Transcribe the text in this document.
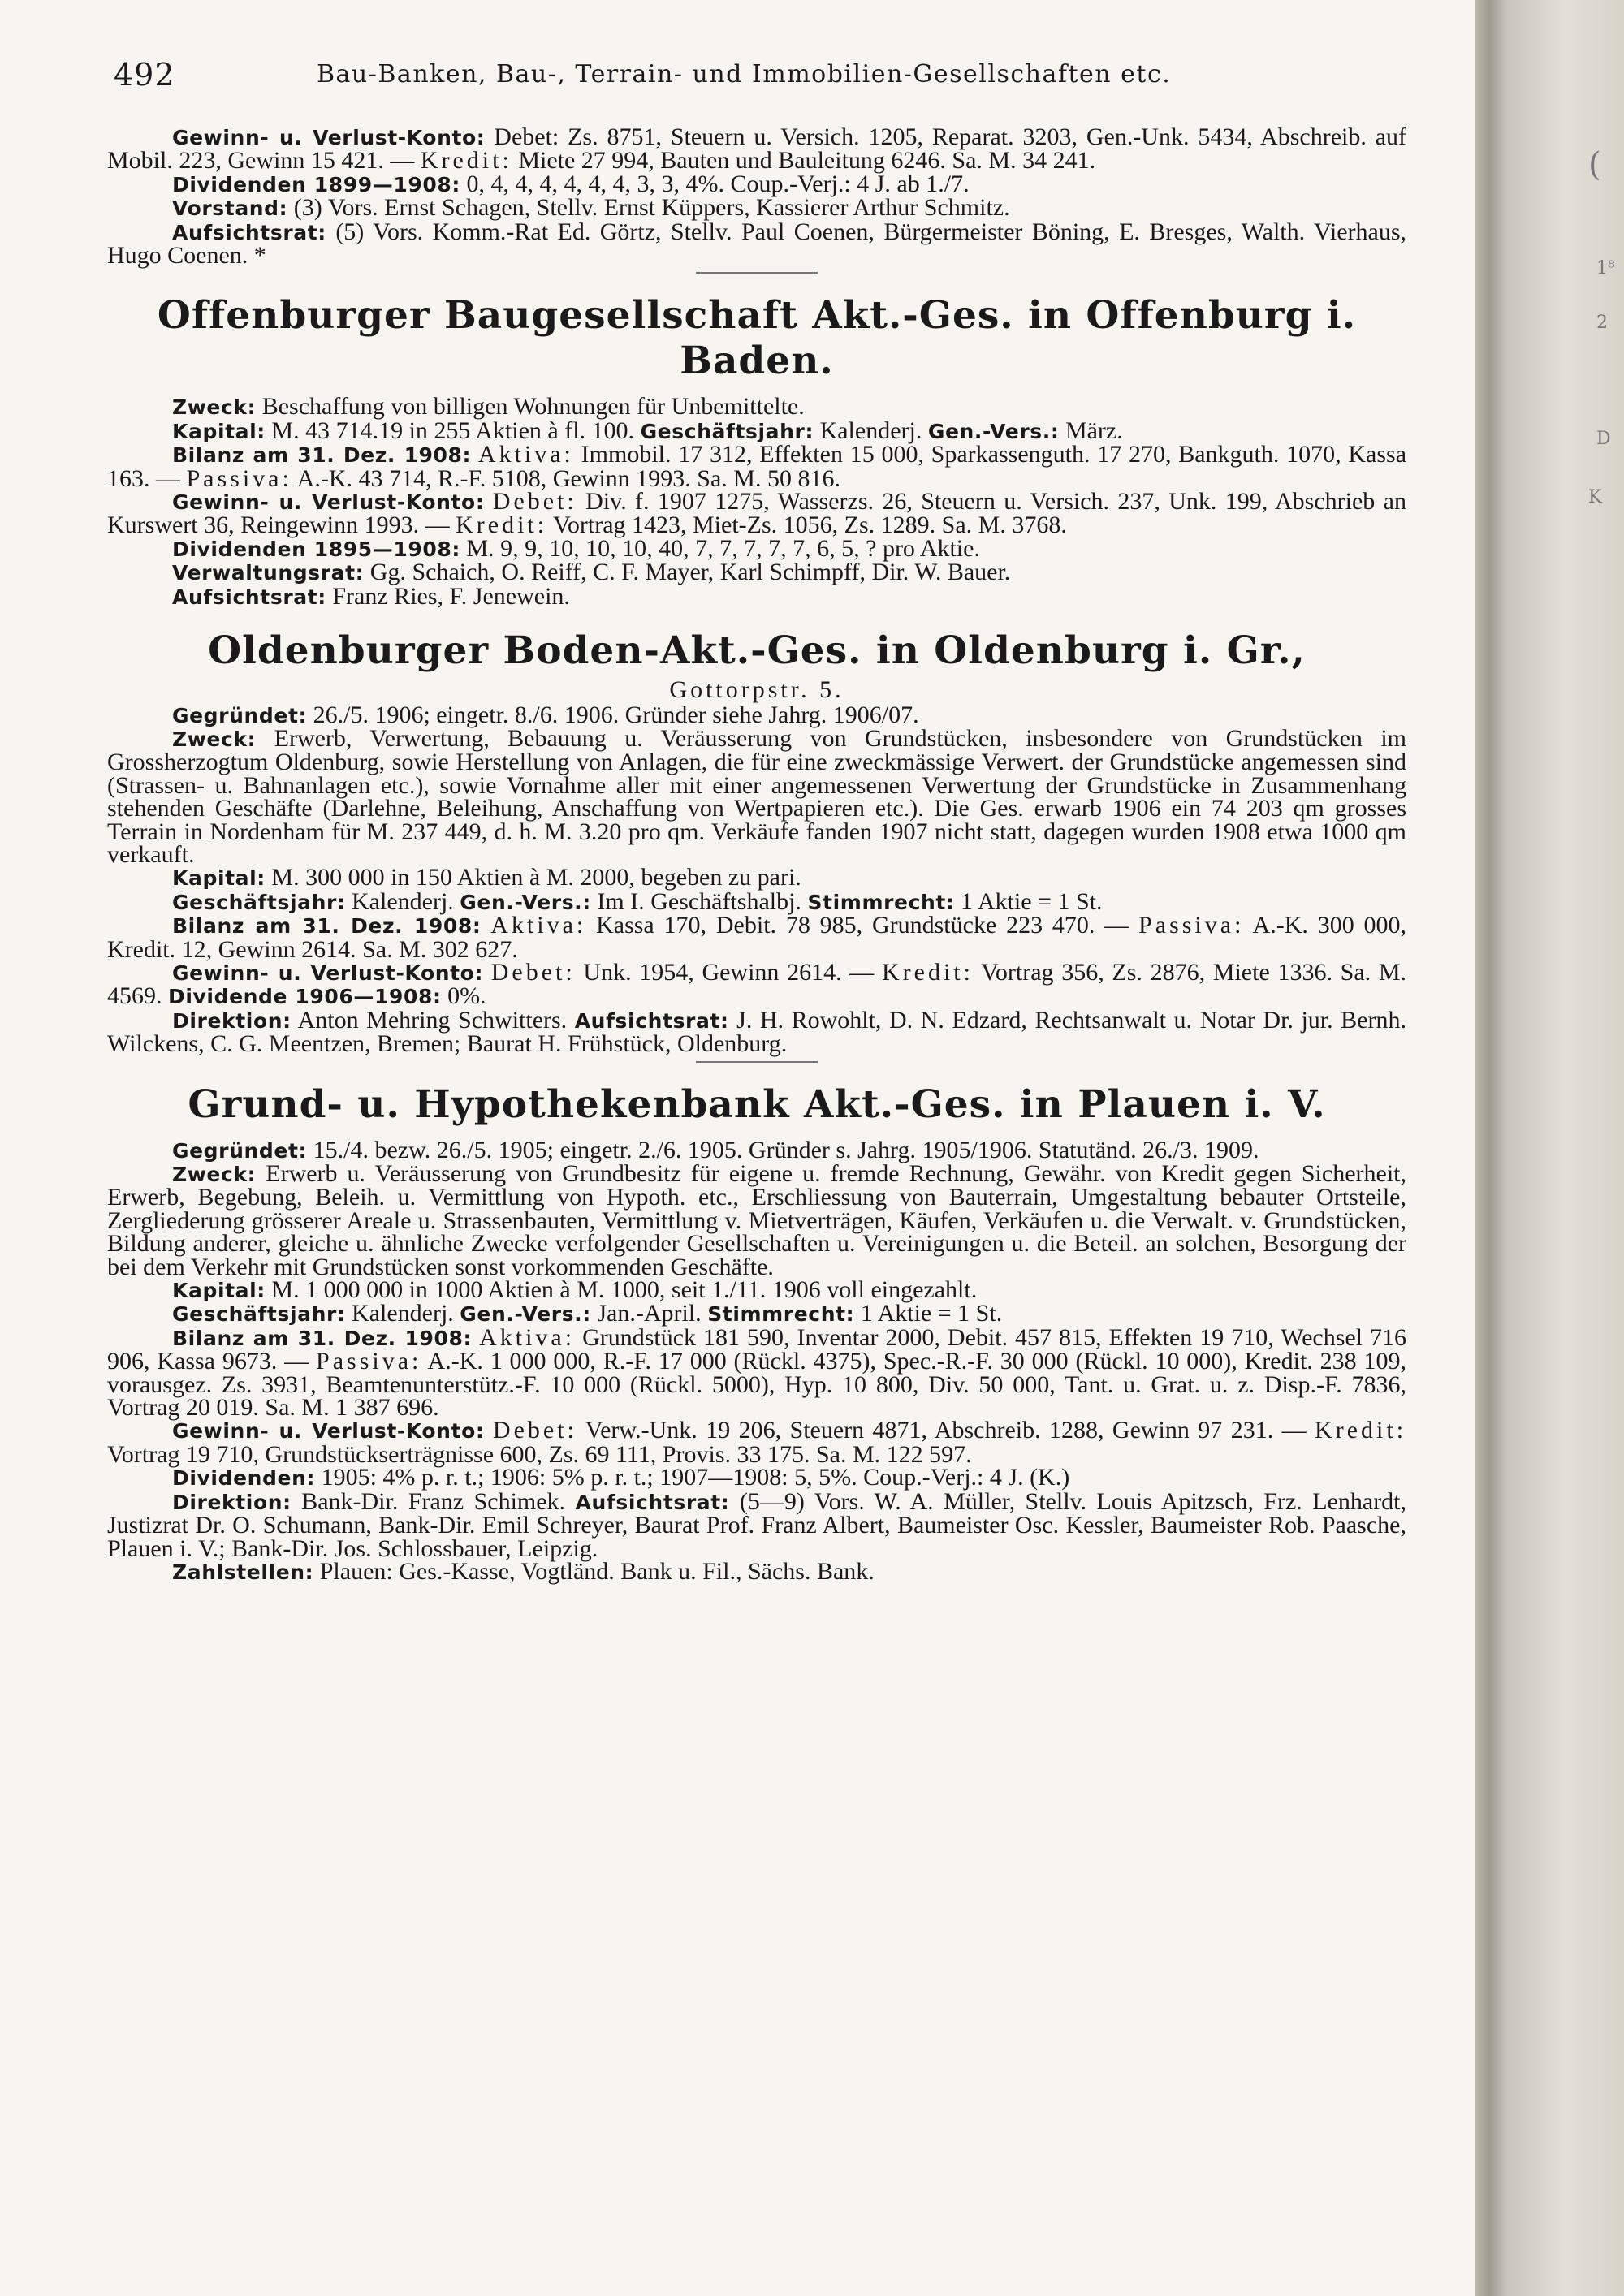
492	Bau-Banken, Bau-, Terrain- und Immobilien-Gesellschaften etc.

Gewinn- u. Verlust-Konto: Debet: Zs. 8751, Steuern u. Versich. 1205, Reparat. 3203, Gen.-Unk. 5434, Abschreib. auf Mobil. 223, Gewinn 15 421. — Kredit: Miete 27 994, Bauten und Bauleitung 6246. Sa. M. 34 241.

Dividenden 1899—1908: 0, 4, 4, 4, 4, 4, 4, 3, 3, 4%. Coup.-Verj.: 4 J. ab 1./7.

Vorstand: (3) Vors. Ernst Schagen, Stellv. Ernst Küppers, Kassierer Arthur Schmitz.

Aufsichtsrat: (5) Vors. Komm.-Rat Ed. Görtz, Stellv. Paul Coenen, Bürgermeister Böning, E. Bresges, Walth. Vierhaus, Hugo Coenen. *

Offenburger Baugesellschaft Akt.-Ges. in Offenburg i. Baden.

Zweck: Beschaffung von billigen Wohnungen für Unbemittelte.

Kapital: M. 43 714.19 in 255 Aktien à fl. 100. Geschäftsjahr: Kalenderj. Gen.-Vers.: März.

Bilanz am 31. Dez. 1908: Aktiva: Immobil. 17 312, Effekten 15 000, Sparkassenguth. 17 270, Bankguth. 1070, Kassa 163. — Passiva: A.-K. 43 714, R.-F. 5108, Gewinn 1993. Sa. M. 50 816.

Gewinn- u. Verlust-Konto: Debet: Div. f. 1907 1275, Wasserzs. 26, Steuern u. Versich. 237, Unk. 199, Abschrieb an Kurswert 36, Reingewinn 1993. — Kredit: Vortrag 1423, Miet-Zs. 1056, Zs. 1289. Sa. M. 3768.

Dividenden 1895—1908: M. 9, 9, 10, 10, 10, 40, 7, 7, 7, 7, 7, 6, 5, ? pro Aktie.

Verwaltungsrat: Gg. Schaich, O. Reiff, C. F. Mayer, Karl Schimpff, Dir. W. Bauer.

Aufsichtsrat: Franz Ries, F. Jenewein.

Oldenburger Boden-Akt.-Ges. in Oldenburg i. Gr.,

Gottorpstr. 5.

Gegründet: 26./5. 1906; eingetr. 8./6. 1906. Gründer siehe Jahrg. 1906/07.

Zweck: Erwerb, Verwertung, Bebauung u. Veräusserung von Grundstücken, insbesondere von Grundstücken im Grossherzogtum Oldenburg, sowie Herstellung von Anlagen, die für eine zweckmässige Verwert. der Grundstücke angemessen sind (Strassen- u. Bahnanlagen etc.), sowie Vornahme aller mit einer angemessenen Verwertung der Grundstücke in Zusammenhang stehenden Geschäfte (Darlehne, Beleihung, Anschaffung von Wertpapieren etc.). Die Ges. erwarb 1906 ein 74 203 qm grosses Terrain in Nordenham für M. 237 449, d. h. M. 3.20 pro qm. Verkäufe fanden 1907 nicht statt, dagegen wurden 1908 etwa 1000 qm verkauft.

Kapital: M. 300 000 in 150 Aktien à M. 2000, begeben zu pari.

Geschäftsjahr: Kalenderj. Gen.-Vers.: Im I. Geschäftshalbj. Stimmrecht: 1 Aktie = 1 St.

Bilanz am 31. Dez. 1908: Aktiva: Kassa 170, Debit. 78 985, Grundstücke 223 470. — Passiva: A.-K. 300 000, Kredit. 12, Gewinn 2614. Sa. M. 302 627.

Gewinn- u. Verlust-Konto: Debet: Unk. 1954, Gewinn 2614. — Kredit: Vortrag 356, Zs. 2876, Miete 1336. Sa. M. 4569. Dividende 1906—1908: 0%.

Direktion: Anton Mehring Schwitters. Aufsichtsrat: J. H. Rowohlt, D. N. Edzard, Rechtsanwalt u. Notar Dr. jur. Bernh. Wilckens, C. G. Meentzen, Bremen; Baurat H. Frühstück, Oldenburg.

Grund- u. Hypothekenbank Akt.-Ges. in Plauen i. V.

Gegründet: 15./4. bezw. 26./5. 1905; eingetr. 2./6. 1905. Gründer s. Jahrg. 1905/1906. Statutänd. 26./3. 1909.

Zweck: Erwerb u. Veräusserung von Grundbesitz für eigene u. fremde Rechnung, Gewähr. von Kredit gegen Sicherheit, Erwerb, Begebung, Beleih. u. Vermittlung von Hypoth. etc., Erschliessung von Bauterrain, Umgestaltung bebauter Ortsteile, Zergliederung grösserer Areale u. Strassenbauten, Vermittlung v. Mietverträgen, Käufen, Verkäufen u. die Verwalt. v. Grundstücken, Bildung anderer, gleiche u. ähnliche Zwecke verfolgender Gesellschaften u. Vereinigungen u. die Beteil. an solchen, Besorgung der bei dem Verkehr mit Grundstücken sonst vorkommenden Geschäfte.

Kapital: M. 1 000 000 in 1000 Aktien à M. 1000, seit 1./11. 1906 voll eingezahlt.

Geschäftsjahr: Kalenderj. Gen.-Vers.: Jan.-April. Stimmrecht: 1 Aktie = 1 St.

Bilanz am 31. Dez. 1908: Aktiva: Grundstück 181 590, Inventar 2000, Debit. 457 815, Effekten 19 710, Wechsel 716 906, Kassa 9673. — Passiva: A.-K. 1 000 000, R.-F. 17 000 (Rückl. 4375), Spec.-R.-F. 30 000 (Rückl. 10 000), Kredit. 238 109, vorausgez. Zs. 3931, Beamtenunterstütz.-F. 10 000 (Rückl. 5000), Hyp. 10 800, Div. 50 000, Tant. u. Grat. u. z. Disp.-F. 7836, Vortrag 20 019. Sa. M. 1 387 696.

Gewinn- u. Verlust-Konto: Debet: Verw.-Unk. 19 206, Steuern 4871, Abschreib. 1288, Gewinn 97 231. — Kredit: Vortrag 19 710, Grundstückserträgnisse 600, Zs. 69 111, Provis. 33 175. Sa. M. 122 597.

Dividenden: 1905: 4% p. r. t.; 1906: 5% p. r. t.; 1907—1908: 5, 5%. Coup.-Verj.: 4 J. (K.)

Direktion: Bank-Dir. Franz Schimek. Aufsichtsrat: (5—9) Vors. W. A. Müller, Stellv. Louis Apitzsch, Frz. Lenhardt, Justizrat Dr. O. Schumann, Bank-Dir. Emil Schreyer, Baurat Prof. Franz Albert, Baumeister Osc. Kessler, Baumeister Rob. Paasche, Plauen i. V.; Bank-Dir. Jos. Schlossbauer, Leipzig.

Zahlstellen: Plauen: Ges.-Kasse, Vogtländ. Bank u. Fil., Sächs. Bank.

(
1⁸
2
D
K
